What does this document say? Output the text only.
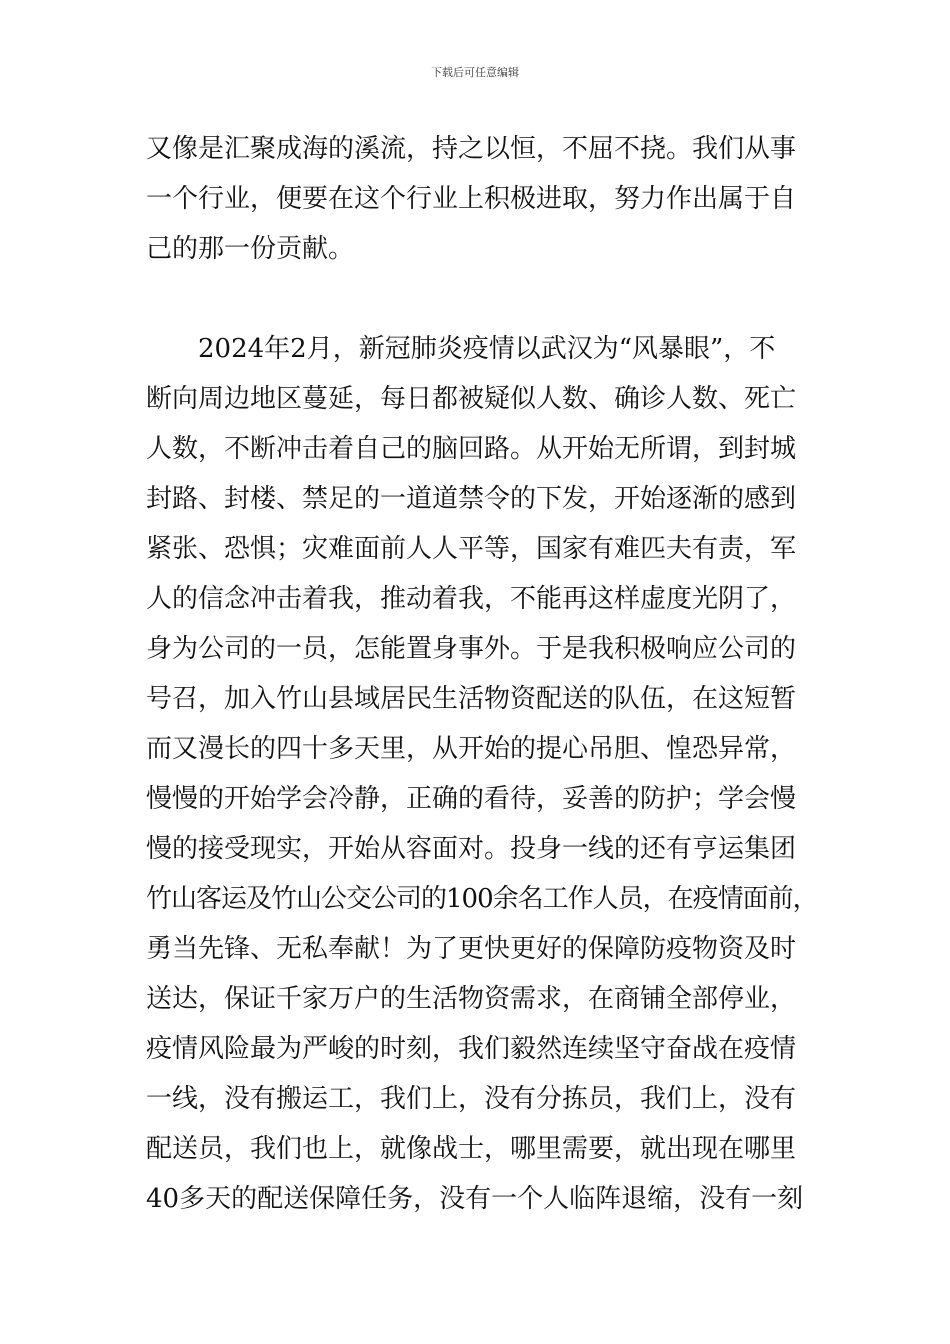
下载后可任意编辑
又像是汇聚成海的溪流，持之以恒，不屈不挠。我们从事
一个行业，便要在这个行业上积极进取，努力作出属于自
己的那一份贡献。
2024年2月，新冠肺炎疫情以武汉为“风暴眼”，不
断向周边地区蔓延，每日都被疑似人数、确诊人数、死亡
人数，不断冲击着自己的脑回路。从开始无所谓，到封城
封路、封楼、禁足的一道道禁令的下发，开始逐渐的感到
紧张、恐惧；灾难面前人人平等，国家有难匹夫有责，军
人的信念冲击着我，推动着我，不能再这样虚度光阴了，
身为公司的一员，怎能置身事外。于是我积极响应公司的
号召，加入竹山县域居民生活物资配送的队伍，在这短暂
而又漫长的四十多天里，从开始的提心吊胆、惶恐异常，
慢慢的开始学会冷静，正确的看待，妥善的防护；学会慢
慢的接受现实，开始从容面对。投身一线的还有亨运集团
竹山客运及竹山公交公司的100余名工作人员，在疫情面前，
勇当先锋、无私奉献！为了更快更好的保障防疫物资及时
送达，保证千家万户的生活物资需求，在商铺全部停业，
疫情风险最为严峻的时刻，我们毅然连续坚守奋战在疫情
一线，没有搬运工，我们上，没有分拣员，我们上，没有
配送员，我们也上，就像战士，哪里需要，就出现在哪里
40多天的配送保障任务，没有一个人临阵退缩，没有一刻
